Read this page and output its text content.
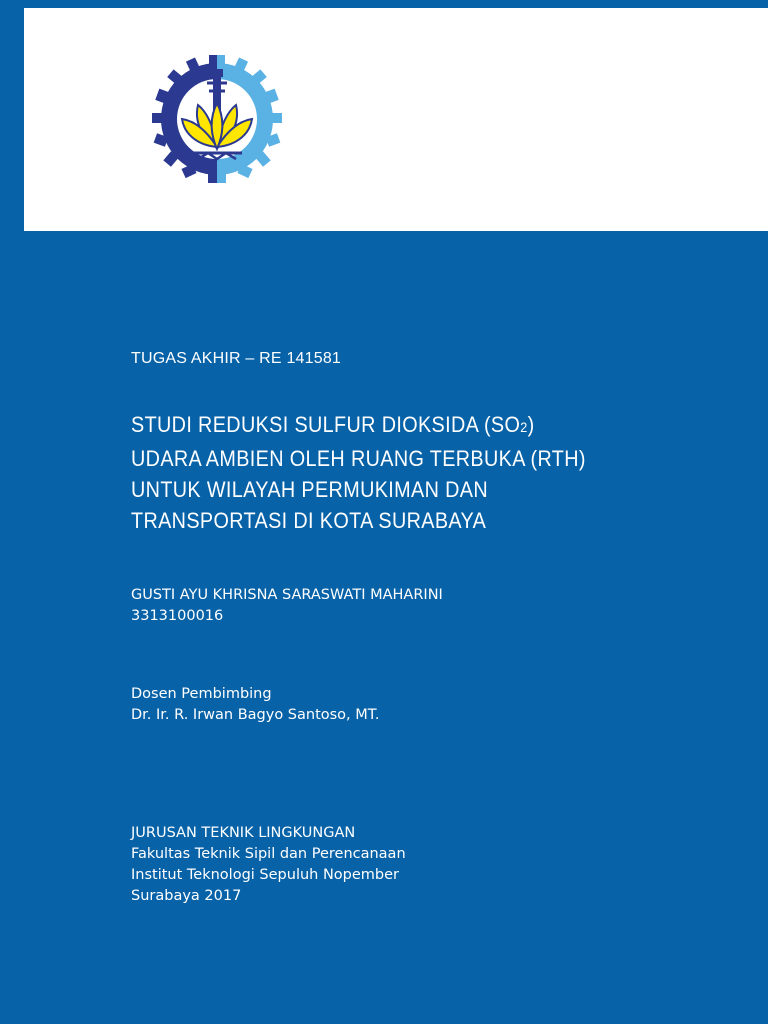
TUGAS AKHIR – RE 141581
STUDI REDUKSI SULFUR DIOKSIDA (SO2)
UDARA AMBIEN OLEH RUANG TERBUKA (RTH)
UNTUK WILAYAH PERMUKIMAN DAN
TRANSPORTASI DI KOTA SURABAYA
GUSTI AYU KHRISNA SARASWATI MAHARINI
3313100016
Dosen Pembimbing
Dr. Ir. R. Irwan Bagyo Santoso, MT.
JURUSAN TEKNIK LINGKUNGAN
Fakultas Teknik Sipil dan Perencanaan
Institut Teknologi Sepuluh Nopember
Surabaya 2017
